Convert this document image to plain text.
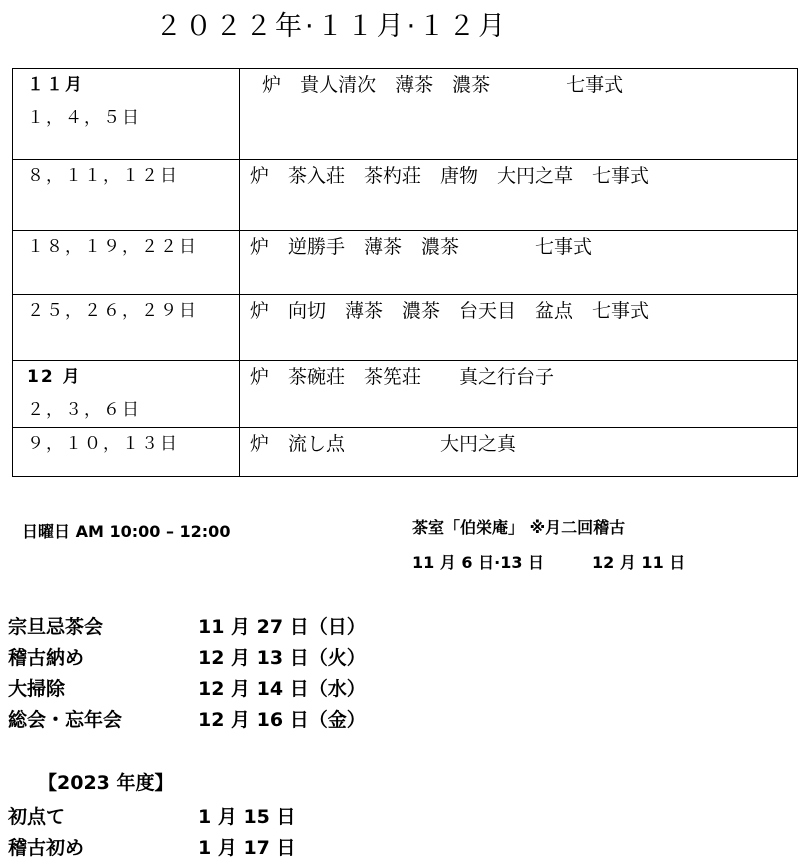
２０２２年·１１月·１２月
１１月
１，４，５日	炉　貴人清次　薄茶　濃茶　　　　七事式

８，１１，１２日	炉　茶入荘　茶杓荘　唐物　大円之草　七事式

１８，１９，２２日	炉　逆勝手　薄茶　濃茶　　　　七事式

２５，２６，２９日	炉　向切　薄茶　濃茶　台天目　盆点　七事式

12 月
２，３，６日	炉　茶碗荘　茶筅荘　　真之行台子

９，１０，１３日	炉　流し点　　　　　大円之真
日曜日 AM 10:00 – 12:00	茶室「伯栄庵」 ※月二回稽古
11 月 6 日·13 日　　　12 月 11 日
宗旦忌茶会	11 月 27 日（日）
稽古納め	12 月 13 日（火）
大掃除	12 月 14 日（水）
総会・忘年会	12 月 16 日（金）
【2023 年度】
初点て	1 月 15 日
稽古初め	1 月 17 日
